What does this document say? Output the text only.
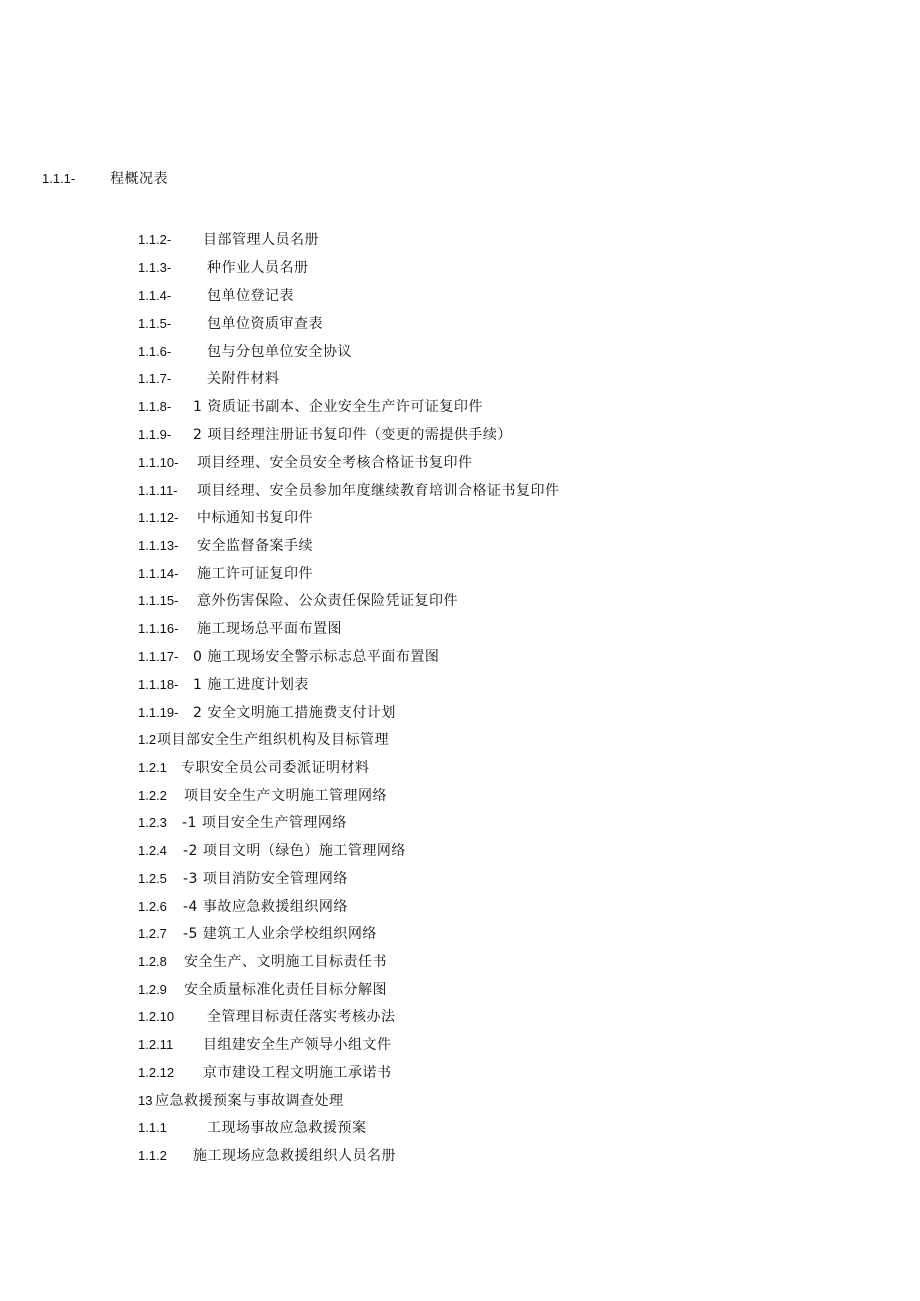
1.1.1- 程概况表
1.1.2- 目部管理人员名册
1.1.3-	种作业人员名册
1.1.4-	包单位登记表
1.1.5-	包单位资质审查表
1.1.6-	包与分包单位安全协议
1.1.7-	关附件材料
1.1.8- 1 资质证书副本、企业安全生产许可证复印件
1.1.9- 2 项目经理注册证书复印件（变更的需提供手续）
1.1.10- 项目经理、安全员安全考核合格证书复印件
1.1.11- 项目经理、安全员参加年度继续教育培训合格证书复印件
1.1.12- 中标通知书复印件
1.1.13- 安全监督备案手续
1.1.14- 施工许可证复印件
1.1.15- 意外伤害保险、公众责任保险凭证复印件
1.1.16- 施工现场总平面布置图
1.1.17- 0 施工现场安全警示标志总平面布置图
1.1.18- 1 施工进度计划表
1.1.19- 2 安全文明施工措施费支付计划
1.2 项目部安全生产组织机构及目标管理
1.2.1 专职安全员公司委派证明材料
1.2.2 项目安全生产文明施工管理网络
1.2.3 -1 项目安全生产管理网络
1.2.4 -2 项目文明（绿色）施工管理网络
1.2.5 -3 项目消防安全管理网络
1.2.6 -4 事故应急救援组织网络
1.2.7 -5 建筑工人业余学校组织网络
1.2.8 安全生产、文明施工目标责任书
1.2.9 安全质量标准化责任目标分解图
1.2.10 全管理目标责任落实考核办法
1.2.11 目组建安全生产领导小组文件
1.2.12 京市建设工程文明施工承诺书
13 应急救援预案与事故调查处理
1.1.1	工现场事故应急救援预案
1.1.2 施工现场应急救援组织人员名册
